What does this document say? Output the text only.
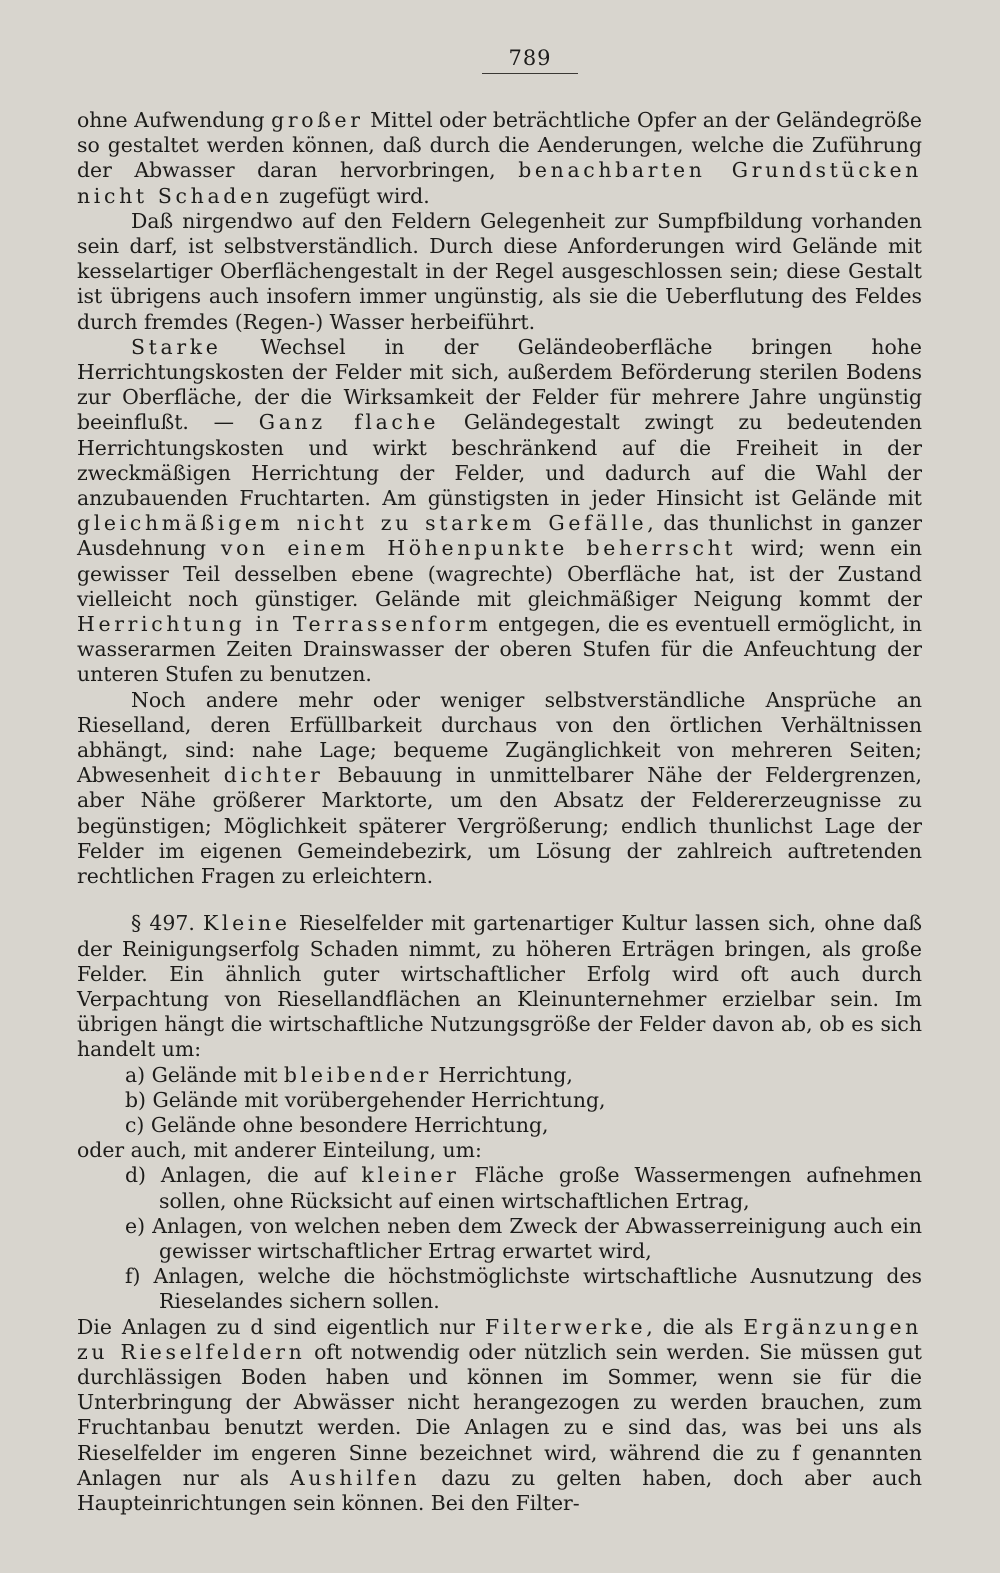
789

ohne Aufwendung großer Mittel oder beträchtliche Opfer an der Geländegröße so gestaltet werden können, daß durch die Aenderungen, welche die Zuführung der Abwasser daran hervorbringen, benachbarten Grundstücken nicht Schaden zugefügt wird.

Daß nirgendwo auf den Feldern Gelegenheit zur Sumpfbildung vorhanden sein darf, ist selbstverständlich. Durch diese Anforderungen wird Gelände mit kesselartiger Oberflächengestalt in der Regel ausgeschlossen sein; diese Gestalt ist übrigens auch insofern immer ungünstig, als sie die Ueberflutung des Feldes durch fremdes (Regen-) Wasser herbeiführt.

Starke Wechsel in der Geländeoberfläche bringen hohe Herrichtungskosten der Felder mit sich, außerdem Beförderung sterilen Bodens zur Oberfläche, der die Wirksamkeit der Felder für mehrere Jahre ungünstig beeinflußt. — Ganz flache Geländegestalt zwingt zu bedeutenden Herrichtungskosten und wirkt beschränkend auf die Freiheit in der zweckmäßigen Herrichtung der Felder, und dadurch auf die Wahl der anzubauenden Fruchtarten. Am günstigsten in jeder Hinsicht ist Gelände mit gleichmäßigem nicht zu starkem Gefälle, das thunlichst in ganzer Ausdehnung von einem Höhenpunkte beherrscht wird; wenn ein gewisser Teil desselben ebene (wagrechte) Oberfläche hat, ist der Zustand vielleicht noch günstiger. Gelände mit gleichmäßiger Neigung kommt der Herrichtung in Terrassenform entgegen, die es eventuell ermöglicht, in wasserarmen Zeiten Drainswasser der oberen Stufen für die Anfeuchtung der unteren Stufen zu benutzen.

Noch andere mehr oder weniger selbstverständliche Ansprüche an Rieselland, deren Erfüllbarkeit durchaus von den örtlichen Verhältnissen abhängt, sind: nahe Lage; bequeme Zugänglichkeit von mehreren Seiten; Abwesenheit dichter Bebauung in unmittelbarer Nähe der Feldergrenzen, aber Nähe größerer Marktorte, um den Absatz der Feldererzeugnisse zu begünstigen; Möglichkeit späterer Vergrößerung; endlich thunlichst Lage der Felder im eigenen Gemeindebezirk, um Lösung der zahlreich auftretenden rechtlichen Fragen zu erleichtern.

§ 497. Kleine Rieselfelder mit gartenartiger Kultur lassen sich, ohne daß der Reinigungserfolg Schaden nimmt, zu höheren Erträgen bringen, als große Felder. Ein ähnlich guter wirtschaftlicher Erfolg wird oft auch durch Verpachtung von Riesellandflächen an Kleinunternehmer erzielbar sein. Im übrigen hängt die wirtschaftliche Nutzungsgröße der Felder davon ab, ob es sich handelt um:

a) Gelände mit bleibender Herrichtung,

b) Gelände mit vorübergehender Herrichtung,

c) Gelände ohne besondere Herrichtung,

oder auch, mit anderer Einteilung, um:

d) Anlagen, die auf kleiner Fläche große Wassermengen aufnehmen sollen, ohne Rücksicht auf einen wirtschaftlichen Ertrag,

e) Anlagen, von welchen neben dem Zweck der Abwasserreinigung auch ein gewisser wirtschaftlicher Ertrag erwartet wird,

f) Anlagen, welche die höchstmöglichste wirtschaftliche Ausnutzung des Rieselandes sichern sollen.

Die Anlagen zu d sind eigentlich nur Filterwerke, die als Ergänzungen zu Rieselfeldern oft notwendig oder nützlich sein werden. Sie müssen gut durchlässigen Boden haben und können im Sommer, wenn sie für die Unterbringung der Abwässer nicht herangezogen zu werden brauchen, zum Fruchtanbau benutzt werden. Die Anlagen zu e sind das, was bei uns als Rieselfelder im engeren Sinne bezeichnet wird, während die zu f genannten Anlagen nur als Aushilfen dazu zu gelten haben, doch aber auch Haupteinrichtungen sein können. Bei den Filter-
